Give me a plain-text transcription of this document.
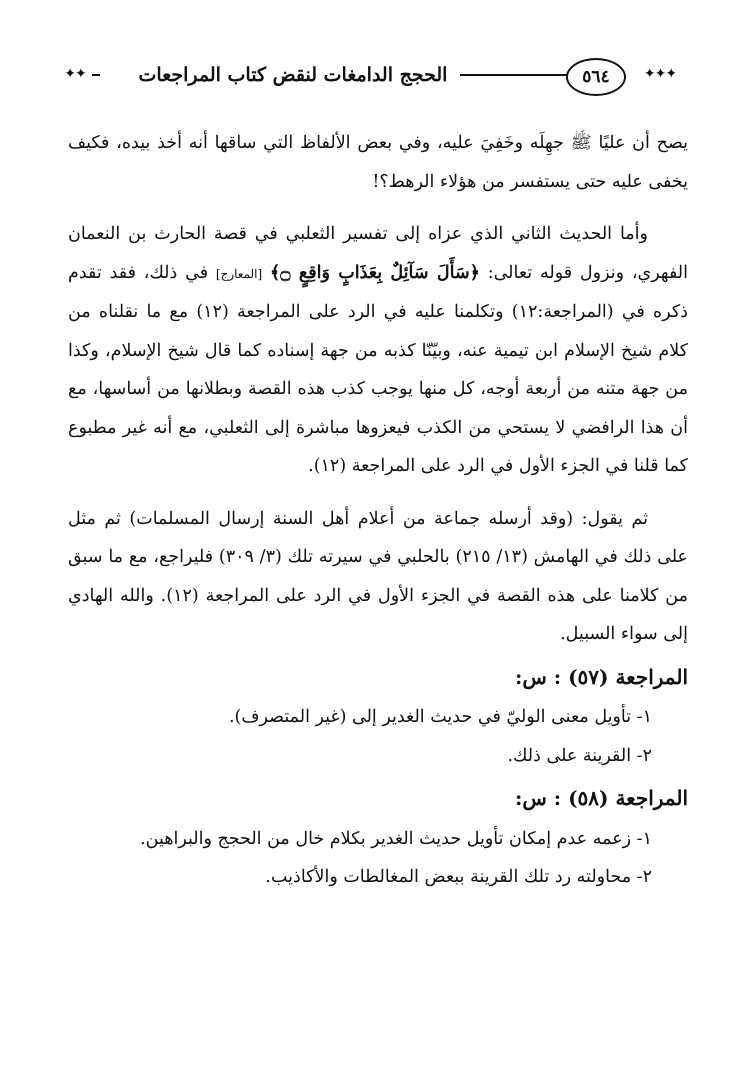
✦✦✦
٥٦٤
الحجج الدامغات لنقض كتاب المراجعات
✦✦

يصح أن عليًا ﷺ جهِلَه وخَفِيَ عليه، وفي بعض الألفاظ التي ساقها أنه أخذ بيده، فكيف يخفى عليه حتى يستفسر من هؤلاء الرهط؟!

وأما الحديث الثاني الذي عزاه إلى تفسير الثعلبي في قصة الحارث بن النعمان الفهري، ونزول قوله تعالى: ﴿سَأَلَ سَآئِلٌ بِعَذَابٍ وَاقِعٍ ۝﴾ [المعارج] في ذلك، فقد تقدم ذكره في (المراجعة:١٢) وتكلمنا عليه في الرد على المراجعة (١٢) مع ما نقلناه من كلام شيخ الإسلام ابن تيمية عنه، وبيّنّا كذبه من جهة إسناده كما قال شيخ الإسلام، وكذا من جهة متنه من أربعة أوجه، كل منها يوجب كذب هذه القصة وبطلانها من أساسها، مع أن هذا الرافضي لا يستحي من الكذب فيعزوها مباشرة إلى الثعلبي، مع أنه غير مطبوع كما قلنا في الجزء الأول في الرد على المراجعة (١٢).

ثم يقول: (وقد أرسله جماعة من أعلام أهل السنة إرسال المسلمات) ثم مثل على ذلك في الهامش (١٣/ ٢١٥) بالحلبي في سيرته تلك (٣/ ٣٠٩) فليراجع، مع ما سبق من كلامنا على هذه القصة في الجزء الأول في الرد على المراجعة (١٢). والله الهادي إلى سواء السبيل.

المراجعة (٥٧) : س:

١- تأويل معنى الوليّ في حديث الغدير إلى (غير المتصرف).

٢- القرينة على ذلك.

المراجعة (٥٨) : س:

١- زعمه عدم إمكان تأويل حديث الغدير بكلام خال من الحجج والبراهين.

٢- محاولته رد تلك القرينة ببعض المغالطات والأكاذيب.
